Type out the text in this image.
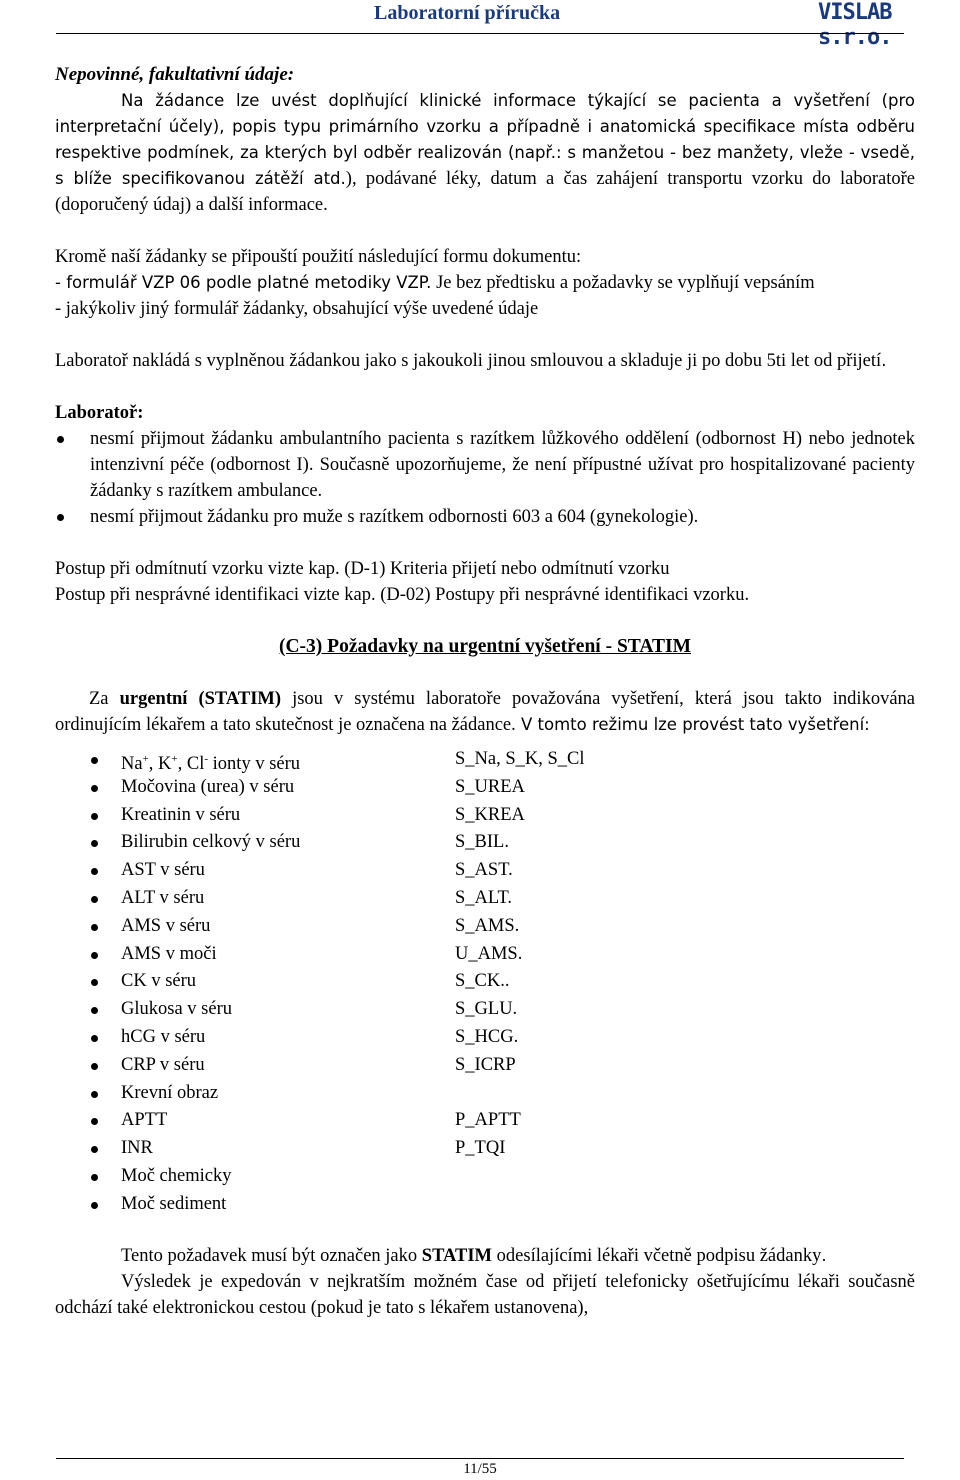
Laboratorní příručka	VISLAB s.r.o.

Nepovinné, fakultativní údaje:

Na žádance lze uvést doplňující klinické informace týkající se pacienta a vyšetření (pro interpretační účely), popis typu primárního vzorku a případně i anatomická specifikace místa odběru respektive podmínek, za kterých byl odběr realizován (např.: s manžetou - bez manžety, vleže - vsedě, s blíže specifikovanou zátěží atd.), podávané léky, datum a čas zahájení transportu vzorku do laboratoře (doporučený údaj) a další informace.

Kromě naší žádanky se připouští použití následující formu dokumentu:

- formulář VZP 06 podle platné metodiky VZP. Je bez předtisku a požadavky se vyplňují vepsáním

- jakýkoliv jiný formulář žádanky, obsahující výše uvedené údaje

Laboratoř nakládá s vyplněnou žádankou jako s jakoukoli jinou smlouvou a skladuje ji po dobu 5ti let od přijetí.

Laboratoř:

nesmí přijmout žádanku ambulantního pacienta s razítkem lůžkového oddělení (odbornost H) nebo jednotek intenzivní péče (odbornost I). Současně upozorňujeme, že není přípustné užívat pro hospitalizované pacienty žádanky s razítkem ambulance.
nesmí přijmout žádanku pro muže s razítkem odbornosti 603 a 604 (gynekologie).

Postup při odmítnutí vzorku vizte kap. (D-1) Kriteria přijetí nebo odmítnutí vzorku

Postup při nesprávné identifikaci vizte kap. (D-02) Postupy při nesprávné identifikaci vzorku.

(C-3) Požadavky na urgentní vyšetření - STATIM

Za urgentní (STATIM) jsou v systému laboratoře považována vyšetření, která jsou takto indikována ordinujícím lékařem a tato skutečnost je označena na žádance. V tomto režimu lze provést tato vyšetření:

Na+, K+, Cl- ionty v séru	S_Na, S_K, S_Cl
Močovina (urea) v séru	S_UREA
Kreatinin v séru	S_KREA
Bilirubin celkový v séru	S_BIL.
AST v séru	S_AST.
ALT v séru	S_ALT.
AMS v séru	S_AMS.
AMS v moči	U_AMS.
CK v séru	S_CK..
Glukosa v séru	S_GLU.
hCG v séru	S_HCG.
CRP v séru	S_ICRP
Krevní obraz
APTT	P_APTT
INR	P_TQI
Moč chemicky
Moč sediment

Tento požadavek musí být označen jako STATIM odesílajícími lékaři včetně podpisu žádanky.

Výsledek je expedován v nejkratším možném čase od přijetí telefonicky ošetřujícímu lékaři současně odchází také elektronickou cestou (pokud je tato s lékařem ustanovena),

11/55
